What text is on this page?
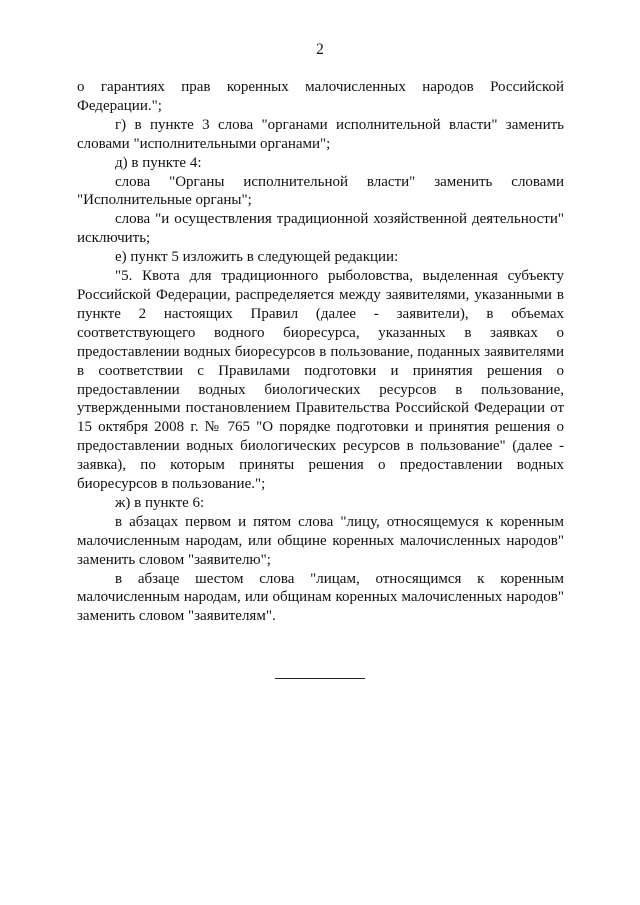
2

о гарантиях прав коренных малочисленных народов Российской Федерации.";

г) в пункте 3 слова "органами исполнительной власти" заменить словами "исполнительными органами";

д) в пункте 4:

слова "Органы исполнительной власти" заменить словами "Исполнительные органы";

слова "и осуществления традиционной хозяйственной деятельности" исключить;

е) пункт 5 изложить в следующей редакции:

"5. Квота для традиционного рыболовства, выделенная субъекту Российской Федерации, распределяется между заявителями, указанными в пункте 2 настоящих Правил (далее - заявители), в объемах соответствующего водного биоресурса, указанных в заявках о предоставлении водных биоресурсов в пользование, поданных заявителями в соответствии с Правилами подготовки и принятия решения о предоставлении водных биологических ресурсов в пользование, утвержденными постановлением Правительства Российской Федерации от 15 октября 2008 г. № 765 "О порядке подготовки и принятия решения о предоставлении водных биологических ресурсов в пользование" (далее - заявка), по которым приняты решения о предоставлении водных биоресурсов в пользование.";

ж) в пункте 6:

в абзацах первом и пятом слова "лицу, относящемуся к коренным малочисленным народам, или общине коренных малочисленных народов" заменить словом "заявителю";

в абзаце шестом слова "лицам, относящимся к коренным малочисленным народам, или общинам коренных малочисленных народов" заменить словом "заявителям".
